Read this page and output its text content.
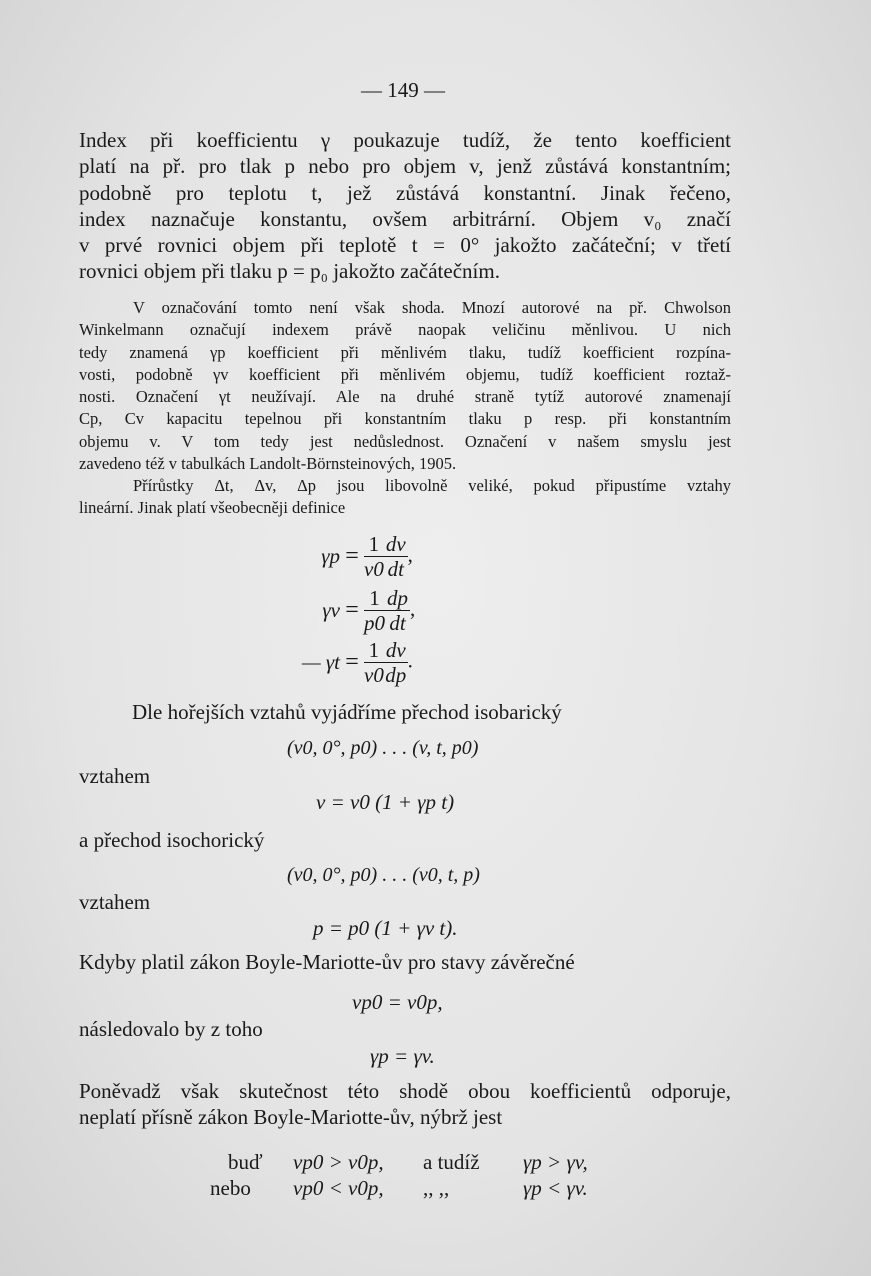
— 149 —
Index při koefficientu γ poukazuje tudíž, že tento koefficient
platí na př. pro tlak p nebo pro objem v, jenž zůstává konstantním;
podobně pro teplotu t, jež zůstává konstantní. Jinak řečeno,
index naznačuje konstantu, ovšem arbitrární. Objem v₀ značí
v prvé rovnici objem při teplotě t = 0° jakožto začáteční; v třetí
rovnici objem při tlaku p = p₀ jakožto začátečním.
V označování tomto není však shoda. Mnozí autorové na př. Chwolson
Winkelmann označují indexem právě naopak veličinu měnlivou. U nich
tedy znamená γp koefficient při měnlivém tlaku, tudíž koefficient rozpína-
vosti, podobně γv koefficient při měnlivém objemu, tudíž koefficient roztaž-
nosti. Označení γt neužívají. Ale na druhé straně tytíž autorové znamenají
Cp, Cv kapacitu tepelnou při konstantním tlaku p resp. při konstantním
objemu v. V tom tedy jest nedůslednost. Označení v našem smyslu jest
zavedeno též v tabulkách Landolt-Börnsteinových, 1905.
Přírůstky Δt, Δv, Δp jsou libovolně veliké, pokud připustíme vztahy
lineární. Jinak platí všeobecněji definice
$\gamma p = \frac{1}{v0} \frac{dv}{dt}$ ,
$\gamma v = \frac{1}{p0} \frac{dp}{dt}$ ,
— $\gamma t = \frac{1}{v0} \frac{dv}{dp}$ .
Dle hořejších vztahů vyjádříme přechod isobarický
(v0, 0°, p0) . . . (v, t, p0)
vztahem
v = v0 (1 + γp t)
a přechod isochorický
(v0, 0°, p0) . . . (v0, t, p)
vztahem
p = p0 (1 + γv t).
Kdyby platil zákon Boyle-Mariotte-ův pro stavy závěrečné
vp0 = v0p,
následovalo by z toho
γp = γv.
Poněvadž však skutečnost této shodě obou koefficientů odporuje,
neplatí přísně zákon Boyle-Mariotte-ův, nýbrž jest
buď vp0 > v0p, a tudíž γp > γv,
nebo vp0 < v0p, ,, ,,	γp < γv.
